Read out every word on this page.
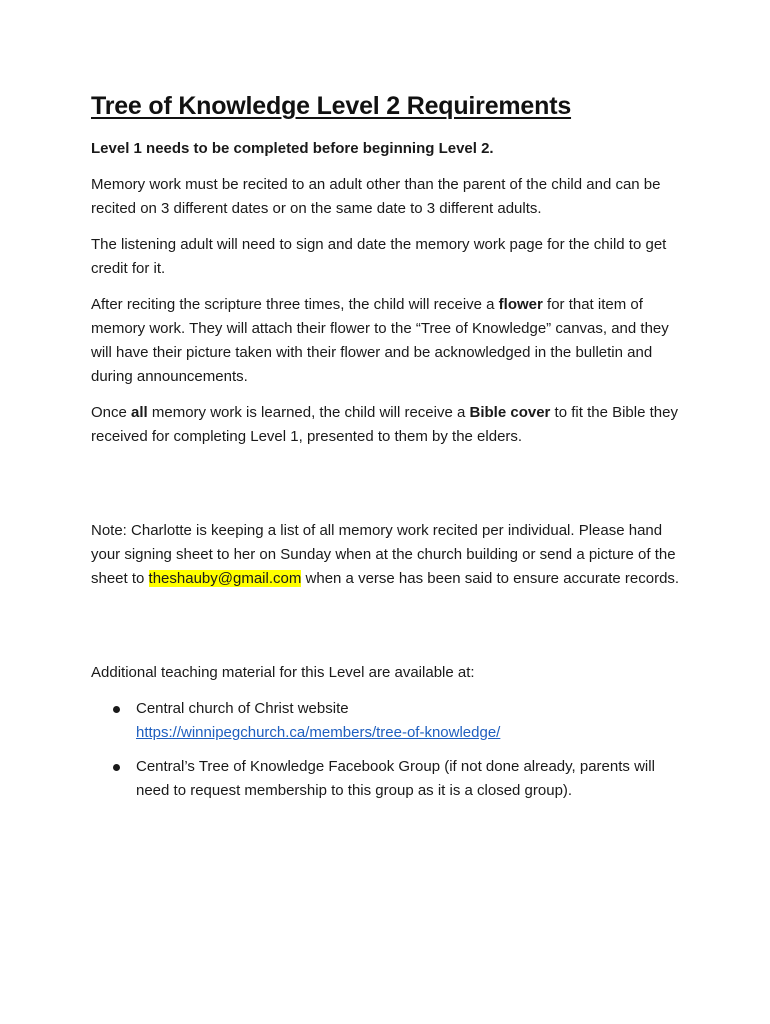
Tree of Knowledge Level 2 Requirements

Level 1 needs to be completed before beginning Level 2.

Memory work must be recited to an adult other than the parent of the child and can be recited on 3 different dates or on the same date to 3 different adults.

The listening adult will need to sign and date the memory work page for the child to get credit for it.

After reciting the scripture three times, the child will receive a flower for that item of memory work. They will attach their flower to the “Tree of Knowledge” canvas, and they will have their picture taken with their flower and be acknowledged in the bulletin and during announcements.

Once all memory work is learned, the child will receive a Bible cover to fit the Bible they received for completing Level 1, presented to them by the elders.

Note: Charlotte is keeping a list of all memory work recited per individual. Please hand your signing sheet to her on Sunday when at the church building or send a picture of the sheet to theshauby@gmail.com when a verse has been said to ensure accurate records.

Additional teaching material for this Level are available at:

Central church of Christ website
https://winnipegchurch.ca/members/tree-of-knowledge/
Central’s Tree of Knowledge Facebook Group (if not done already, parents will need to request membership to this group as it is a closed group).
